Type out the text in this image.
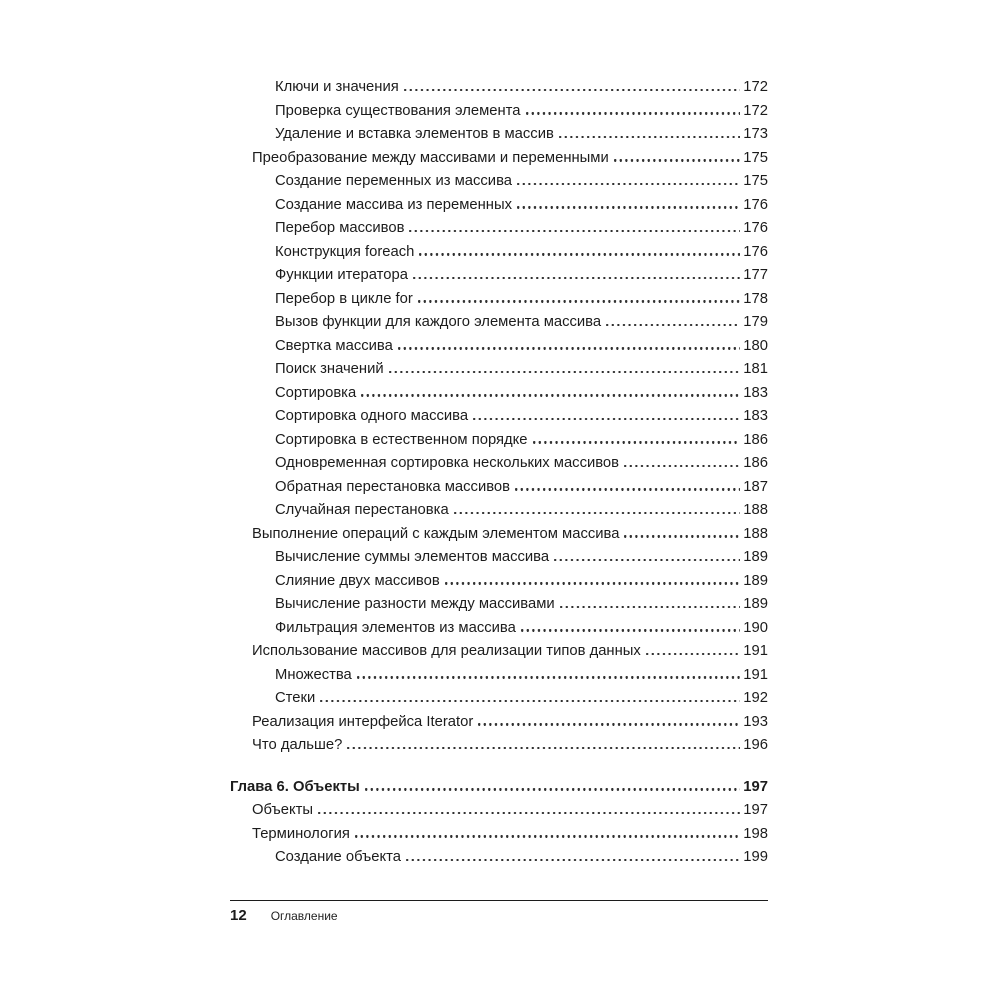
Ключи и значения	172
Проверка существования элемента	172
Удаление и вставка элементов в массив	173
Преобразование между массивами и переменными	175
Создание переменных из массива	175
Создание массива из переменных	176
Перебор массивов	176
Конструкция foreach	176
Функции итератора	177
Перебор в цикле for	178
Вызов функции для каждого элемента массива	179
Свертка массива	180
Поиск значений	181
Сортировка	183
Сортировка одного массива	183
Сортировка в естественном порядке	186
Одновременная сортировка нескольких массивов	186
Обратная перестановка массивов	187
Случайная перестановка	188
Выполнение операций с каждым элементом массива	188
Вычисление суммы элементов массива	189
Слияние двух массивов	189
Вычисление разности между массивами	189
Фильтрация элементов из массива	190
Использование массивов для реализации типов данных	191
Множества	191
Стеки	192
Реализация интерфейса Iterator	193
Что дальше?	196
Глава 6. Объекты	197
Объекты	197
Терминология	198
Создание объекта	199
12 Оглавление
